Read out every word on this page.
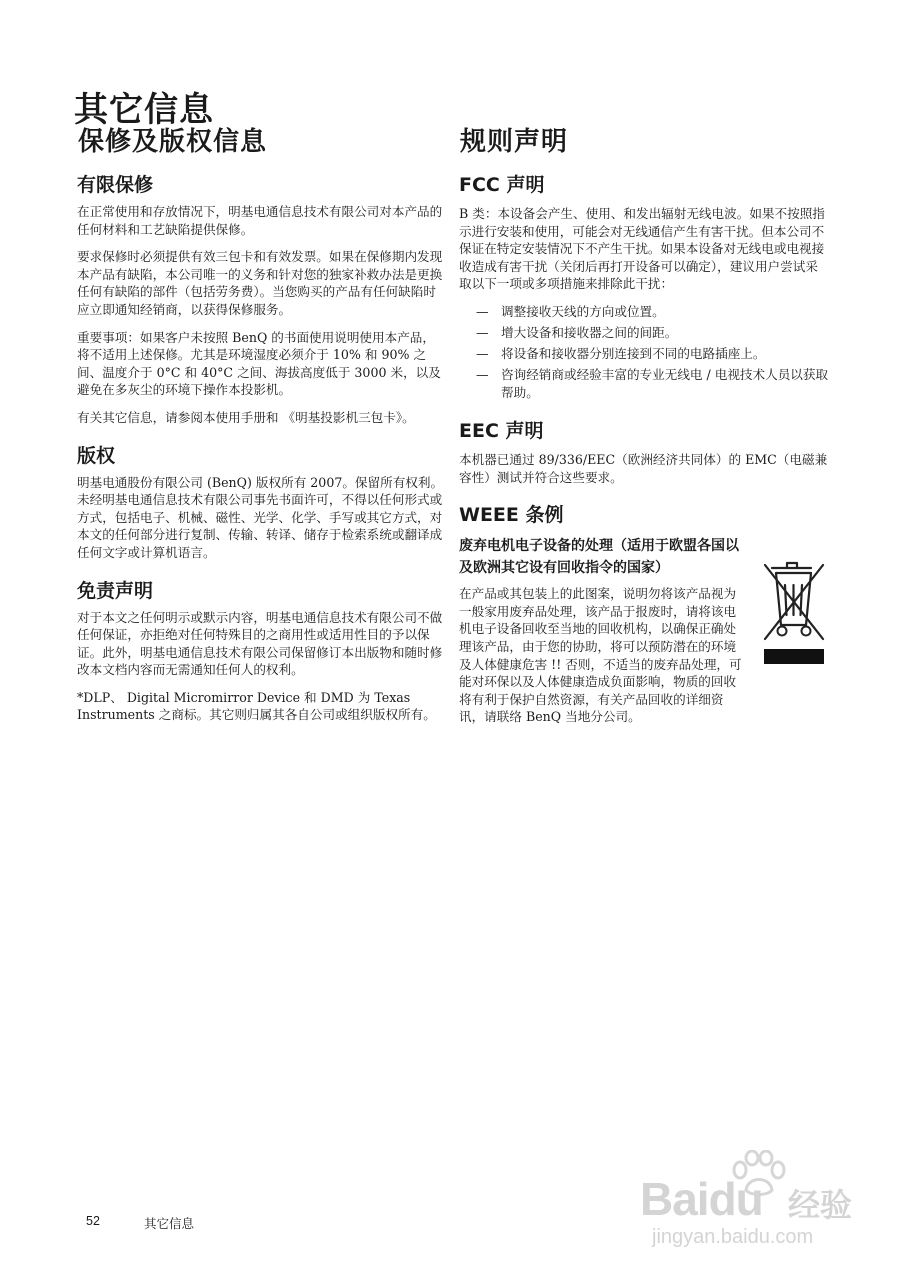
其它信息
保修及版权信息
有限保修

在正常使用和存放情况下，明基电通信息技术有限公司对本产品的任何材料和工艺缺陷提供保修。

要求保修时必须提供有效三包卡和有效发票。如果在保修期内发现本产品有缺陷，本公司唯一的义务和针对您的独家补救办法是更换任何有缺陷的部件（包括劳务费）。当您购买的产品有任何缺陷时应立即通知经销商，以获得保修服务。

重要事项：如果客户未按照 BenQ 的书面使用说明使用本产品，将不适用上述保修。尤其是环境湿度必须介于 10% 和 90% 之间、温度介于 0°C 和 40°C 之间、海拔高度低于 3000 米，以及避免在多灰尘的环境下操作本投影机。

有关其它信息，请参阅本使用手册和 《明基投影机三包卡》。

版权

明基电通股份有限公司 (BenQ) 版权所有 2007。保留所有权利。未经明基电通信息技术有限公司事先书面许可，不得以任何形式或方式，包括电子、机械、磁性、光学、化学、手写或其它方式，对本文的任何部分进行复制、传输、转译、储存于检索系统或翻译成任何文字或计算机语言。

免责声明

对于本文之任何明示或默示内容，明基电通信息技术有限公司不做任何保证，亦拒绝对任何特殊目的之商用性或适用性目的予以保证。此外，明基电通信息技术有限公司保留修订本出版物和随时修改本文档内容而无需通知任何人的权利。

*DLP、 Digital Micromirror Device 和 DMD 为 Texas Instruments 之商标。其它则归属其各自公司或组织版权所有。

规则声明
FCC 声明

B 类：本设备会产生、使用、和发出辐射无线电波。如果不按照指示进行安装和使用，可能会对无线通信产生有害干扰。但本公司不保证在特定安装情况下不产生干扰。如果本设备对无线电或电视接收造成有害干扰（关闭后再打开设备可以确定），建议用户尝试采取以下一项或多项措施来排除此干扰：

— 调整接收天线的方向或位置。
— 增大设备和接收器之间的间距。
— 将设备和接收器分别连接到不同的电路插座上。
— 咨询经销商或经验丰富的专业无线电 / 电视技术人员以获取帮助。
EEC 声明

本机器已通过 89/336/EEC（欧洲经济共同体）的 EMC（电磁兼容性）测试并符合这些要求。

WEEE 条例
废弃电机电子设备的处理（适用于欧盟各国以及欧洲其它设有回收指令的国家）

在产品或其包装上的此图案，说明勿将该产品视为一般家用废弃品处理，该产品于报废时，请将该电机电子设备回收至当地的回收机构，以确保正确处理该产品，由于您的协助，将可以预防潜在的环境及人体健康危害 !! 否则，不适当的废弃品处理，可能对环保以及人体健康造成负面影响，物质的回收将有利于保护自然资源，有关产品回收的详细资讯，请联络 BenQ 当地分公司。

52	其它信息	Baidu 经验
jingyan.baidu.com
